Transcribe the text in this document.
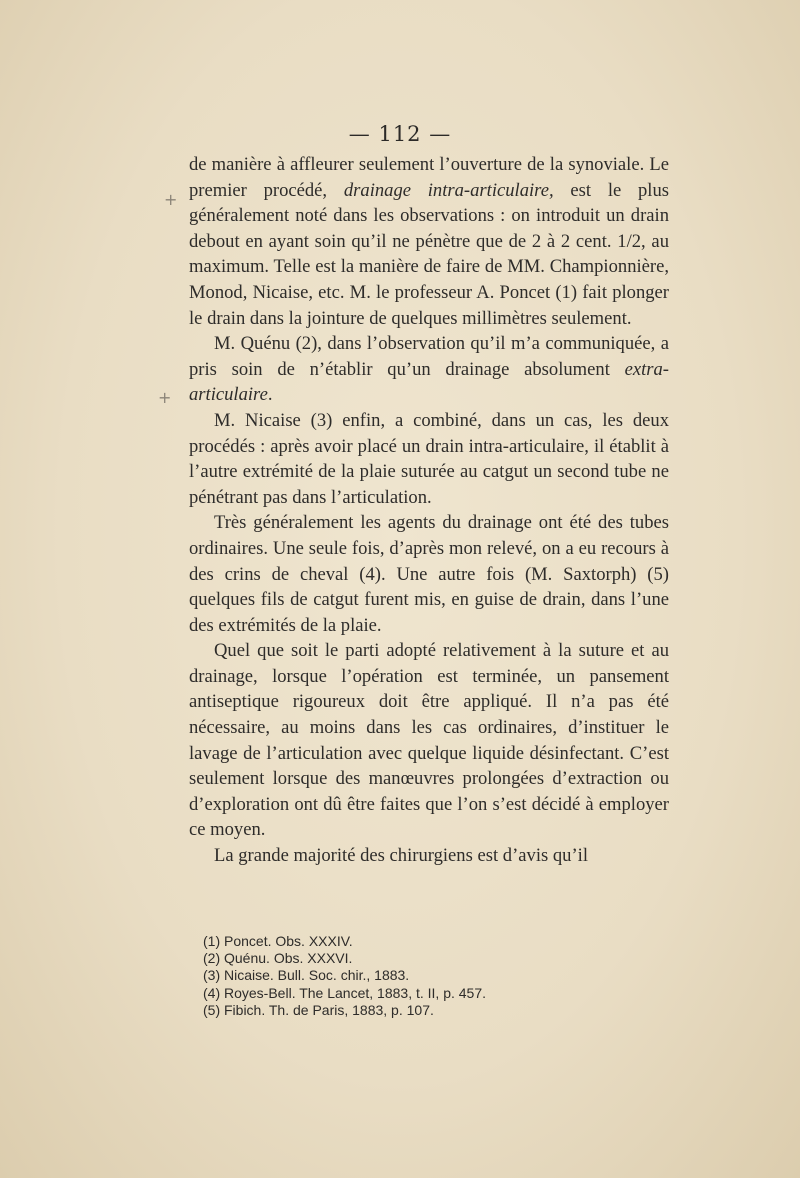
— 112 —
+
+

de manière à affleurer seulement l’ouverture de la synoviale. Le premier procédé, drainage intra-articulaire, est le plus généralement noté dans les observations : on introduit un drain debout en ayant soin qu’il ne pénètre que de 2 à 2 cent. 1/2, au maximum. Telle est la manière de faire de MM. Championnière, Monod, Nicaise, etc. M. le professeur A. Poncet (1) fait plonger le drain dans la jointure de quelques millimètres seulement.

M. Quénu (2), dans l’observation qu’il m’a communiquée, a pris soin de n’établir qu’un drainage absolument extra-articulaire.

M. Nicaise (3) enfin, a combiné, dans un cas, les deux procédés : après avoir placé un drain intra-articulaire, il établit à l’autre extrémité de la plaie suturée au catgut un second tube ne pénétrant pas dans l’articulation.

Très généralement les agents du drainage ont été des tubes ordinaires. Une seule fois, d’après mon relevé, on a eu recours à des crins de cheval (4). Une autre fois (M. Saxtorph) (5) quelques fils de catgut furent mis, en guise de drain, dans l’une des extrémités de la plaie.

Quel que soit le parti adopté relativement à la suture et au drainage, lorsque l’opération est terminée, un pansement antiseptique rigoureux doit être appliqué. Il n’a pas été nécessaire, au moins dans les cas ordinaires, d’instituer le lavage de l’articulation avec quelque liquide désinfectant. C’est seulement lorsque des manœuvres prolongées d’extraction ou d’exploration ont dû être faites que l’on s’est décidé à employer ce moyen.

La grande majorité des chirurgiens est d’avis qu’il

(1) Poncet. Obs. XXXIV.
(2) Quénu. Obs. XXXVI.
(3) Nicaise. Bull. Soc. chir., 1883.
(4) Royes-Bell. The Lancet, 1883, t. II, p. 457.
(5) Fibich. Th. de Paris, 1883, p. 107.
